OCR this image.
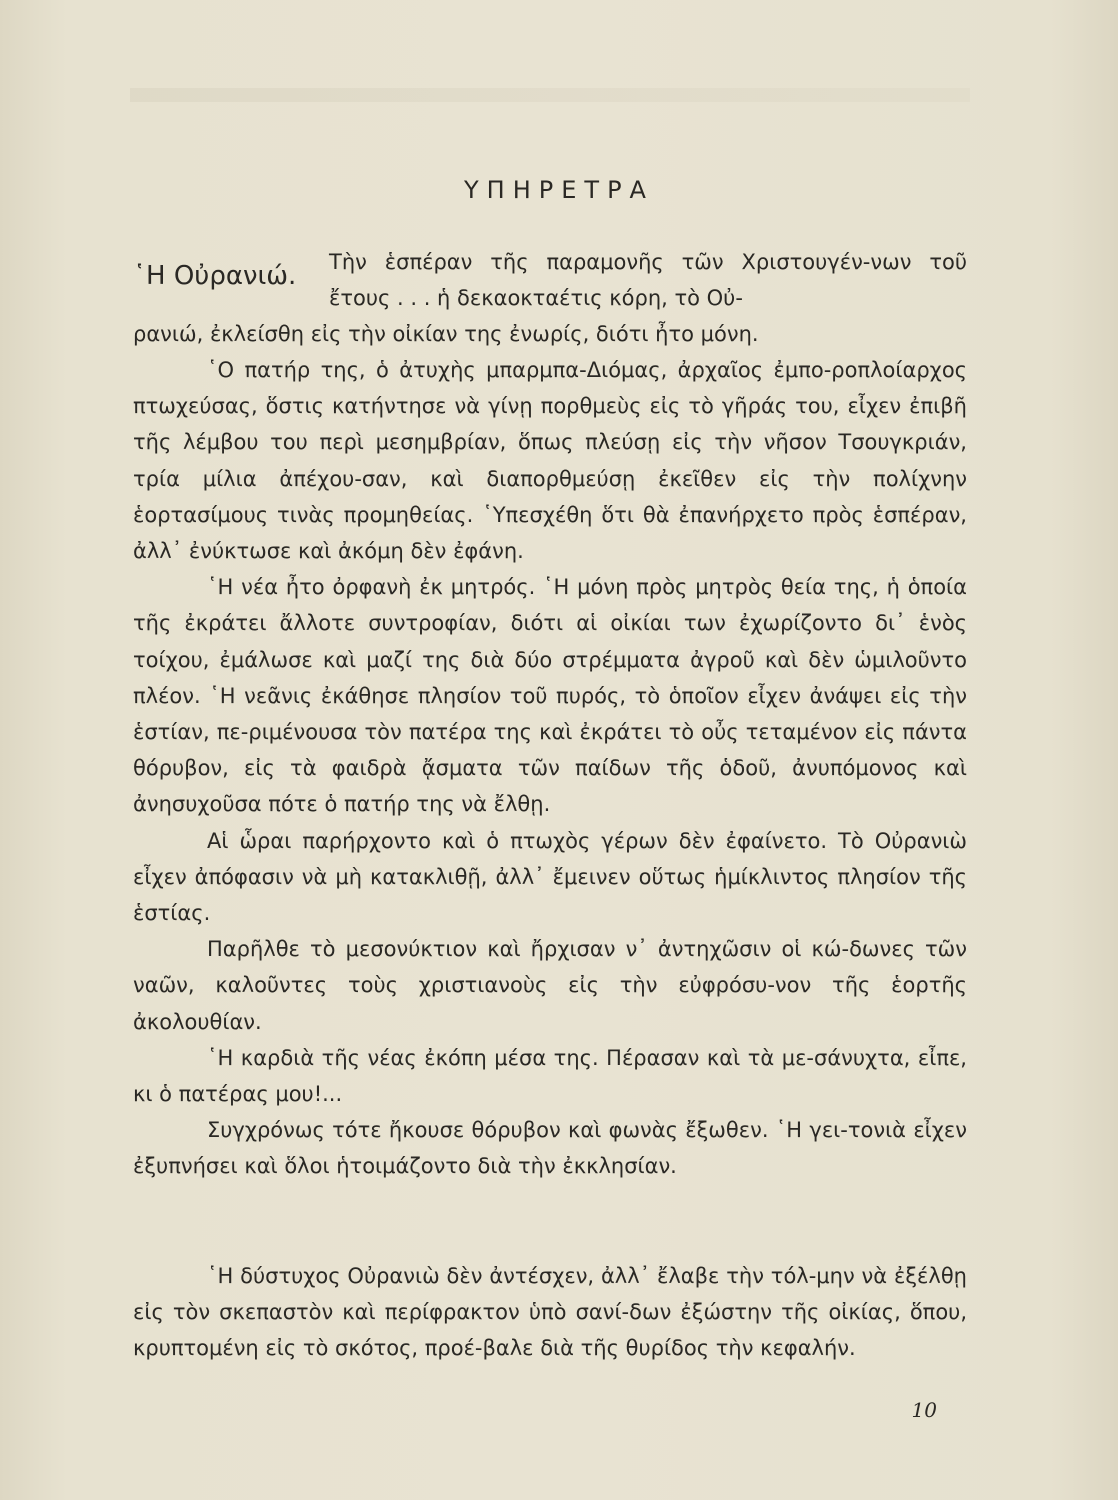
ΥΠΗΡΕΤΡΑ
῾Η Οὐρανιώ.	Τὴν ἑσπέραν τῆς παραμονῆς τῶν Χριστουγέν-νων τοῦ ἔτους . . . ἡ δεκαοκταέτις κόρη, τὸ Οὐ-

ρανιώ, ἐκλείσθη εἰς τὴν οἰκίαν της ἐνωρίς, διότι ἦτο μόνη.

῾Ο πατήρ της, ὁ ἀτυχὴς μπαρμπα-Διόμας, ἀρχαῖος ἐμπο-ροπλοίαρχος πτωχεύσας, ὅστις κατήντησε νὰ γίνῃ πορθμεὺς εἰς τὸ γῆράς του, εἶχεν ἐπιβῆ τῆς λέμβου του περὶ μεσημβρίαν, ὅπως πλεύσῃ εἰς τὴν νῆσον Τσουγκριάν, τρία μίλια ἀπέχου-σαν, καὶ διαπορθμεύσῃ ἐκεῖθεν εἰς τὴν πολίχνην ἑορτασίμους τινὰς προμηθείας. ῾Υπεσχέθη ὅτι θὰ ἐπανήρχετο πρὸς ἑσπέραν, ἀλλ᾿ ἐνύκτωσε καὶ ἀκόμη δὲν ἐφάνη.

῾Η νέα ἦτο ὀρφανὴ ἐκ μητρός. ῾Η μόνη πρὸς μητρὸς θεία της, ἡ ὁποία τῆς ἐκράτει ἄλλοτε συντροφίαν, διότι αἱ οἰκίαι των ἐχωρίζοντο δι᾿ ἑνὸς τοίχου, ἐμάλωσε καὶ μαζί της διὰ δύο στρέμματα ἀγροῦ καὶ δὲν ὡμιλοῦντο πλέον. ῾Η νεᾶνις ἐκάθησε πλησίον τοῦ πυρός, τὸ ὁποῖον εἶχεν ἀνάψει εἰς τὴν ἑστίαν, πε-ριμένουσα τὸν πατέρα της καὶ ἐκράτει τὸ οὖς τεταμένον εἰς πάντα θόρυβον, εἰς τὰ φαιδρὰ ᾄσματα τῶν παίδων τῆς ὁδοῦ, ἀνυπόμονος καὶ ἀνησυχοῦσα πότε ὁ πατήρ της νὰ ἔλθῃ.

Αἱ ὧραι παρήρχοντο καὶ ὁ πτωχὸς γέρων δὲν ἐφαίνετο. Τὸ Οὐρανιὼ εἶχεν ἀπόφασιν νὰ μὴ κατακλιθῇ, ἀλλ᾿ ἔμεινεν οὕτως ἡμίκλιντος πλησίον τῆς ἑστίας.

Παρῆλθε τὸ μεσονύκτιον καὶ ἤρχισαν ν᾿ ἀντηχῶσιν οἱ κώ-δωνες τῶν ναῶν, καλοῦντες τοὺς χριστιανοὺς εἰς τὴν εὐφρόσυ-νον τῆς ἑορτῆς ἀκολουθίαν.

῾Η καρδιὰ τῆς νέας ἐκόπη μέσα της. Πέρασαν καὶ τὰ με-σάνυχτα, εἶπε, κι ὁ πατέρας μου!...

Συγχρόνως τότε ἤκουσε θόρυβον καὶ φωνὰς ἔξωθεν. ῾Η γει-τονιὰ εἶχεν ἐξυπνήσει καὶ ὅλοι ἡτοιμάζοντο διὰ τὴν ἐκκλησίαν.

῾Η δύστυχος Οὐρανιὼ δὲν ἀντέσχεν, ἀλλ᾿ ἔλαβε τὴν τόλ-μην νὰ ἐξέλθῃ εἰς τὸν σκεπαστὸν καὶ περίφρακτον ὑπὸ σανί-δων ἐξώστην τῆς οἰκίας, ὅπου, κρυπτομένη εἰς τὸ σκότος, προέ-βαλε διὰ τῆς θυρίδος τὴν κεφαλήν.

10
